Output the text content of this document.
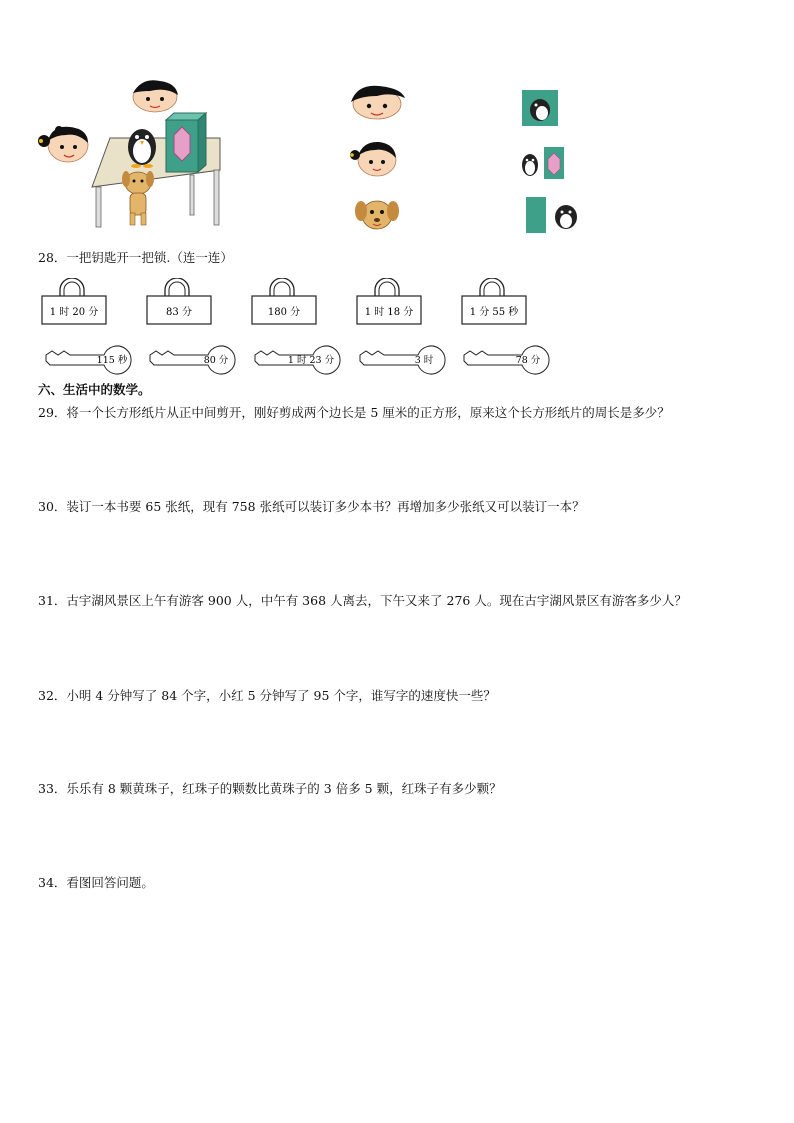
28．一把钥匙开一把锁.（连一连）
1 时 20 分	83 分	180 分	1 时 18 分	1 分 55 秒
115 秒	80 分	1 时 23 分	3 时	78 分
六、生活中的数学。
29．将一个长方形纸片从正中间剪开，刚好剪成两个边长是 5 厘米的正方形，原来这个长方形纸片的周长是多少？
30．装订一本书要 65 张纸，现有 758 张纸可以装订多少本书？再增加多少张纸又可以装订一本？
31．古宇湖风景区上午有游客 900 人，中午有 368 人离去，下午又来了 276 人。现在古宇湖风景区有游客多少人？
32．小明 4 分钟写了 84 个字，小红 5 分钟写了 95 个字，谁写字的速度快一些？
33．乐乐有 8 颗黄珠子，红珠子的颗数比黄珠子的 3 倍多 5 颗，红珠子有多少颗？
34．看图回答问题。
